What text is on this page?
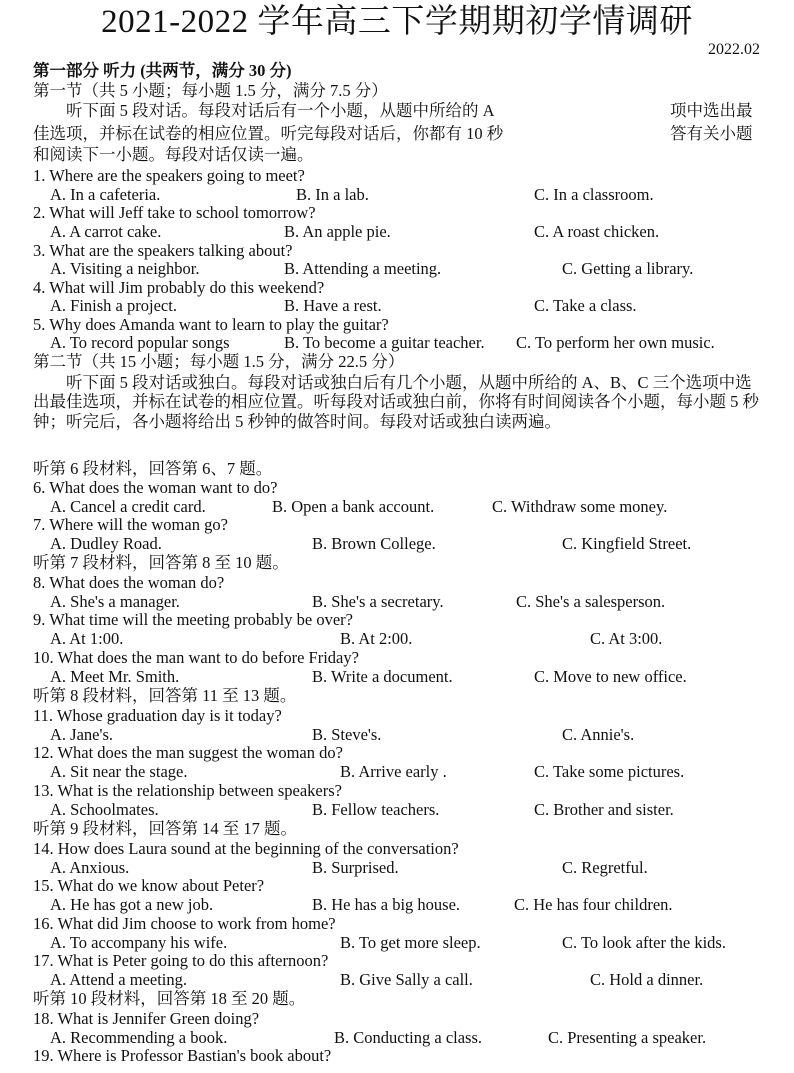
2021-2022 学年高三下学期期初学情调研
2022.02
第一部分 听力 (共两节，满分 30 分)
第一节（共 5 小题；每小题 1.5 分，满分 7.5 分）
听下面 5 段对话。每段对话后有一个小题，从题中所给的 A	项中选出最
佳选项，并标在试卷的相应位置。听完每段对话后，你都有 10 秒	答有关小题
和阅读下一小题。每段对话仅读一遍。
1. Where are the speakers going to meet?
A. In a cafeteria.	B. In a lab.	C. In a classroom.
2. What will Jeff take to school tomorrow?
A. A carrot cake.	B. An apple pie.	C. A roast chicken.
3. What are the speakers talking about?
A. Visiting a neighbor.	B. Attending a meeting.	C. Getting a library.
4. What will Jim probably do this weekend?
A. Finish a project.	B. Have a rest.	C. Take a class.
5. Why does Amanda want to learn to play the guitar?
A. To record popular songs	B. To become a guitar teacher. C. To perform her own music.
第二节（共 15 小题；每小题 1.5 分，满分 22.5 分）
听下面 5 段对话或独白。每段对话或独白后有几个小题，从题中所给的 A、B、C 三个选项中选出最佳选项，并标在试卷的相应位置。听每段对话或独白前，你将有时间阅读各个小题，每小题 5 秒钟；听完后，各小题将给出 5 秒钟的做答时间。每段对话或独白读两遍。
听第 6 段材料，回答第 6、7 题。
6. What does the woman want to do?
A. Cancel a credit card.	B. Open a bank account.	C. Withdraw some money.
7. Where will the woman go?
A. Dudley Road.	B. Brown College.	C. Kingfield Street.
听第 7 段材料，回答第 8 至 10 题。
8. What does the woman do?
A. She's a manager.	B. She's a secretary.	C. She's a salesperson.
9. What time will the meeting probably be over?
A. At 1:00.	B. At 2:00.	C. At 3:00.
10. What does the man want to do before Friday?
A. Meet Mr. Smith.	B. Write a document.	C. Move to new office.
听第 8 段材料，回答第 11 至 13 题。
11. Whose graduation day is it today?
A. Jane's.	B. Steve's.	C. Annie's.
12. What does the man suggest the woman do?
A. Sit near the stage.	B. Arrive early .	C. Take some pictures.
13. What is the relationship between speakers?
A. Schoolmates.	B. Fellow teachers.	C. Brother and sister.
听第 9 段材料，回答第 14 至 17 题。
14. How does Laura sound at the beginning of the conversation?
A. Anxious.	B. Surprised.	C. Regretful.
15. What do we know about Peter?
A. He has got a new job.	B. He has a big house.	C. He has four children.
16. What did Jim choose to work from home?
A. To accompany his wife.	B. To get more sleep.	C. To look after the kids.
17. What is Peter going to do this afternoon?
A. Attend a meeting.	B. Give Sally a call.	C. Hold a dinner.
听第 10 段材料，回答第 18 至 20 题。
18. What is Jennifer Green doing?
A. Recommending a book.	B. Conducting a class.	C. Presenting a speaker.
19. Where is Professor Bastian's book about?
